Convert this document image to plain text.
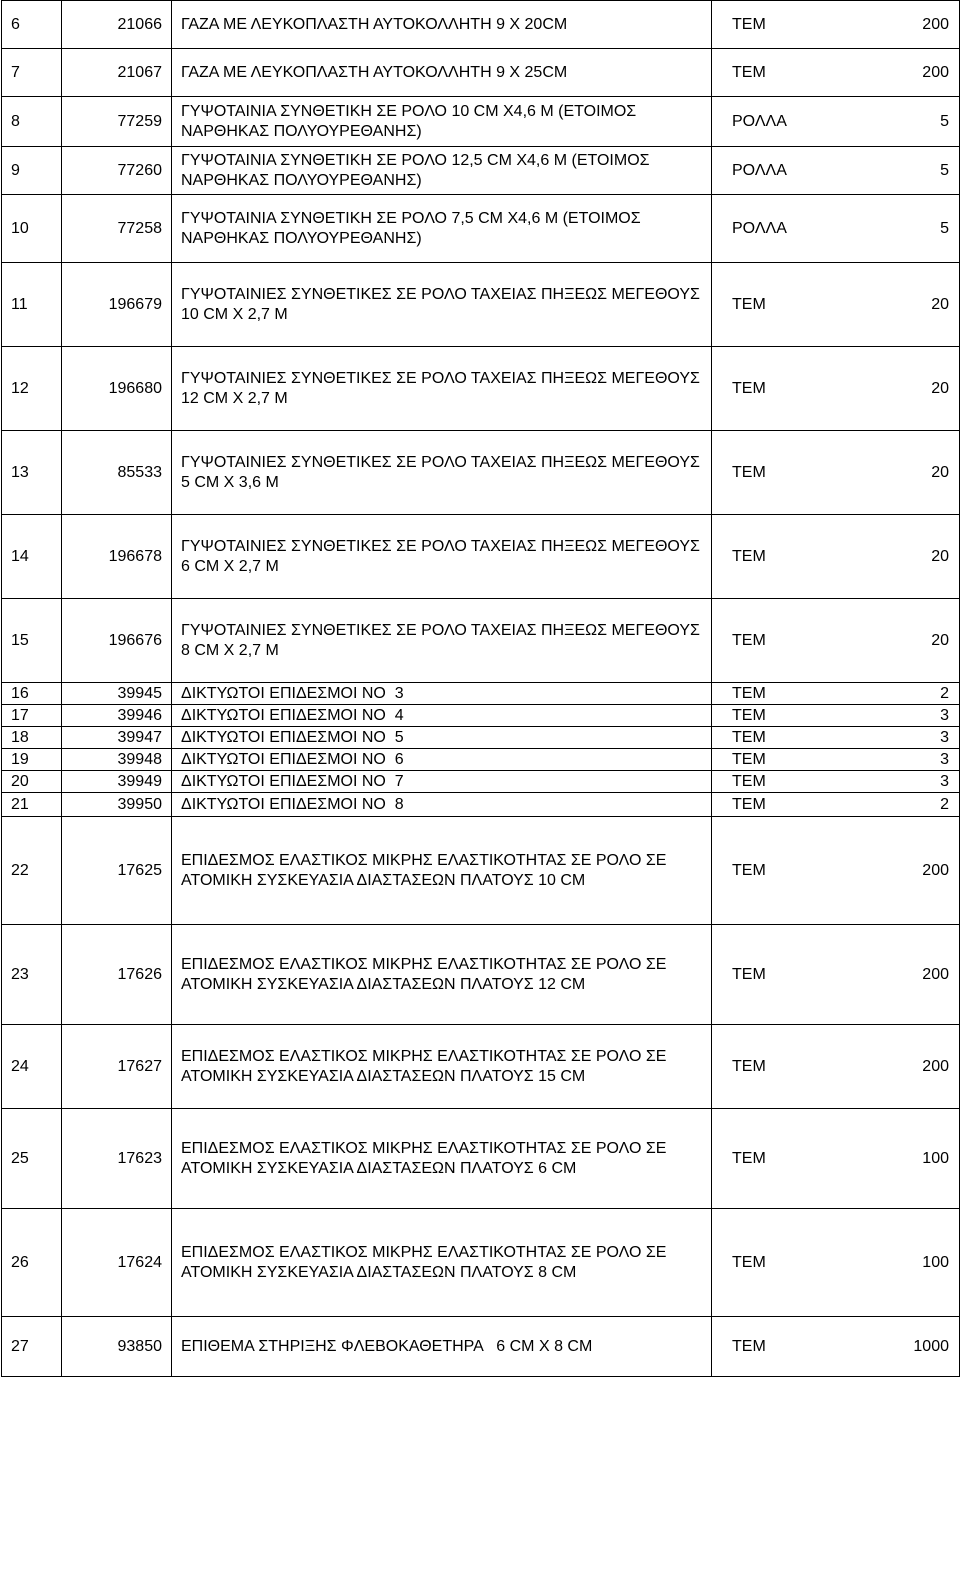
6	21066	ΓΑΖΑ ΜΕ ΛΕΥΚΟΠΛΑΣΤΗ ΑΥΤΟΚΟΛΛΗΤΗ 9 Χ 20CM	ΤΕΜ 200

7	21067	ΓΑΖΑ ΜΕ ΛΕΥΚΟΠΛΑΣΤΗ ΑΥΤΟΚΟΛΛΗΤΗ 9 Χ 25CM	ΤΕΜ 200

8	77259	ΓΥΨΟΤΑΙΝΙΑ ΣΥΝΘΕΤΙΚΗ ΣΕ ΡΟΛΟ 10 CM X4,6 M (ΕΤΟΙΜΟΣ ΝΑΡΘΗΚΑΣ ΠΟΛΥΟΥΡΕΘΑΝΗΣ)	ΡΟΛΛΑ 5

9	77260	ΓΥΨΟΤΑΙΝΙΑ ΣΥΝΘΕΤΙΚΗ ΣΕ ΡΟΛΟ 12,5 CM X4,6 M (ΕΤΟΙΜΟΣ ΝΑΡΘΗΚΑΣ ΠΟΛΥΟΥΡΕΘΑΝΗΣ)	ΡΟΛΛΑ 5

10	77258	ΓΥΨΟΤΑΙΝΙΑ ΣΥΝΘΕΤΙΚΗ ΣΕ ΡΟΛΟ 7,5 CM X4,6 M (ΕΤΟΙΜΟΣ ΝΑΡΘΗΚΑΣ ΠΟΛΥΟΥΡΕΘΑΝΗΣ)	ΡΟΛΛΑ 5

11	196679	ΓΥΨΟΤΑΙΝΙΕΣ ΣΥΝΘΕΤΙΚΕΣ ΣΕ ΡΟΛΟ ΤΑΧΕΙΑΣ ΠΗΞΕΩΣ ΜΕΓΕΘΟΥΣ      10 CM X 2,7 M	ΤΕΜ 20

12	196680	ΓΥΨΟΤΑΙΝΙΕΣ ΣΥΝΘΕΤΙΚΕΣ ΣΕ ΡΟΛΟ ΤΑΧΕΙΑΣ ΠΗΞΕΩΣ ΜΕΓΕΘΟΥΣ      12 CM X 2,7 M	ΤΕΜ 20

13	85533	ΓΥΨΟΤΑΙΝΙΕΣ ΣΥΝΘΕΤΙΚΕΣ ΣΕ ΡΟΛΟ ΤΑΧΕΙΑΣ ΠΗΞΕΩΣ ΜΕΓΕΘΟΥΣ      5 CM X 3,6 M	ΤΕΜ 20

14	196678	ΓΥΨΟΤΑΙΝΙΕΣ ΣΥΝΘΕΤΙΚΕΣ ΣΕ ΡΟΛΟ ΤΑΧΕΙΑΣ ΠΗΞΕΩΣ ΜΕΓΕΘΟΥΣ      6 CM X 2,7 M	ΤΕΜ 20

15	196676	ΓΥΨΟΤΑΙΝΙΕΣ ΣΥΝΘΕΤΙΚΕΣ ΣΕ ΡΟΛΟ ΤΑΧΕΙΑΣ ΠΗΞΕΩΣ ΜΕΓΕΘΟΥΣ      8 CM X 2,7 M	ΤΕΜ 20

16	39945	ΔΙΚΤΥΩΤΟΙ ΕΠΙΔΕΣΜΟΙ ΝΟ  3	ΤΕΜ 2

17	39946	ΔΙΚΤΥΩΤΟΙ ΕΠΙΔΕΣΜΟΙ ΝΟ  4	ΤΕΜ 3

18	39947	ΔΙΚΤΥΩΤΟΙ ΕΠΙΔΕΣΜΟΙ ΝΟ  5	ΤΕΜ 3

19	39948	ΔΙΚΤΥΩΤΟΙ ΕΠΙΔΕΣΜΟΙ ΝΟ  6	ΤΕΜ 3

20	39949	ΔΙΚΤΥΩΤΟΙ ΕΠΙΔΕΣΜΟΙ ΝΟ  7	ΤΕΜ 3

21	39950	ΔΙΚΤΥΩΤΟΙ ΕΠΙΔΕΣΜΟΙ ΝΟ  8	ΤΕΜ 2

22	17625	ΕΠΙΔΕΣΜΟΣ ΕΛΑΣΤΙΚΟΣ ΜΙΚΡΗΣ ΕΛΑΣΤΙΚΟΤΗΤΑΣ ΣΕ ΡΟΛΟ ΣΕ ΑΤΟΜΙΚΗ ΣΥΣΚΕΥΑΣΙΑ ΔΙΑΣΤΑΣΕΩΝ ΠΛΑΤΟΥΣ 10 CM	ΤΕΜ 200

23	17626	ΕΠΙΔΕΣΜΟΣ ΕΛΑΣΤΙΚΟΣ ΜΙΚΡΗΣ ΕΛΑΣΤΙΚΟΤΗΤΑΣ ΣΕ ΡΟΛΟ ΣΕ ΑΤΟΜΙΚΗ ΣΥΣΚΕΥΑΣΙΑ ΔΙΑΣΤΑΣΕΩΝ ΠΛΑΤΟΥΣ 12 CM	ΤΕΜ 200

24	17627	ΕΠΙΔΕΣΜΟΣ ΕΛΑΣΤΙΚΟΣ ΜΙΚΡΗΣ ΕΛΑΣΤΙΚΟΤΗΤΑΣ ΣΕ ΡΟΛΟ ΣΕ ΑΤΟΜΙΚΗ ΣΥΣΚΕΥΑΣΙΑ ΔΙΑΣΤΑΣΕΩΝ ΠΛΑΤΟΥΣ 15 CM	ΤΕΜ 200

25	17623	ΕΠΙΔΕΣΜΟΣ ΕΛΑΣΤΙΚΟΣ ΜΙΚΡΗΣ ΕΛΑΣΤΙΚΟΤΗΤΑΣ ΣΕ ΡΟΛΟ ΣΕ ΑΤΟΜΙΚΗ ΣΥΣΚΕΥΑΣΙΑ ΔΙΑΣΤΑΣΕΩΝ ΠΛΑΤΟΥΣ 6 CM	ΤΕΜ 100

26	17624	ΕΠΙΔΕΣΜΟΣ ΕΛΑΣΤΙΚΟΣ ΜΙΚΡΗΣ ΕΛΑΣΤΙΚΟΤΗΤΑΣ ΣΕ ΡΟΛΟ ΣΕ ΑΤΟΜΙΚΗ ΣΥΣΚΕΥΑΣΙΑ ΔΙΑΣΤΑΣΕΩΝ ΠΛΑΤΟΥΣ 8 CM	ΤΕΜ 100

27	93850	ΕΠΙΘΕΜΑ ΣΤΗΡΙΞΗΣ ΦΛΕΒΟΚΑΘΕΤΗΡΑ   6 CM X 8 CM	ΤΕΜ 1000
